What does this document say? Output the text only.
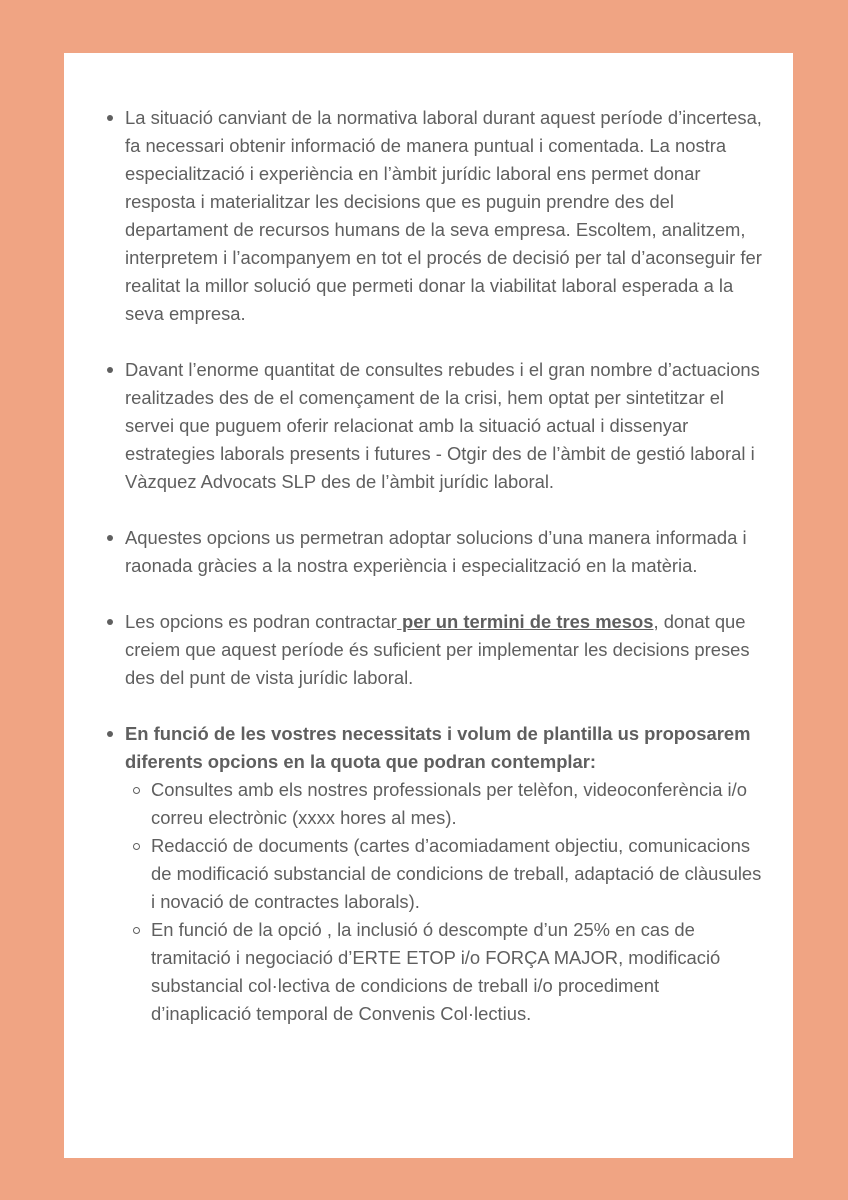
La situació canviant de la normativa laboral durant aquest període d’incertesa, fa necessari obtenir informació de manera puntual i comentada. La nostra especialització i experiència en l’àmbit jurídic laboral ens permet donar resposta i materialitzar les decisions que es puguin prendre des del departament de recursos humans de la seva empresa. Escoltem, analitzem, interpretem i l’acompanyem en tot el procés de decisió per tal d’aconseguir fer realitat la millor solució que permeti donar la viabilitat laboral esperada a la seva empresa.
Davant l’enorme quantitat de consultes rebudes i el gran nombre d’actuacions realitzades des de el començament de la crisi, hem optat per sintetitzar el servei que puguem oferir relacionat amb la situació actual i dissenyar estrategies laborals presents i futures - Otgir des de l’àmbit de gestió laboral i Vàzquez Advocats SLP des de l’àmbit jurídic laboral.
Aquestes opcions us permetran adoptar solucions d’una manera informada i raonada gràcies a la nostra experiència i especialització en la matèria.
Les opcions es podran contractar per un termini de tres mesos, donat que creiem que aquest període és suficient per implementar les decisions preses des del punt de vista jurídic laboral.
En funció de les vostres necessitats i volum de plantilla us proposarem diferents opcions en la quota que podran contemplar:
Consultes amb els nostres professionals per telèfon, videoconferència i/o correu electrònic (xxxx hores al mes).
Redacció de documents (cartes d’acomiadament objectiu, comunicacions de modificació substancial de condicions de treball, adaptació de clàusules i novació de contractes laborals).
En funció de la opció , la inclusió ó descompte d’un 25% en cas de tramitació i negociació d’ERTE ETOP i/o FORÇA MAJOR, modificació substancial col·lectiva de condicions de treball i/o procediment d’inaplicació temporal de Convenis Col·lectius.
